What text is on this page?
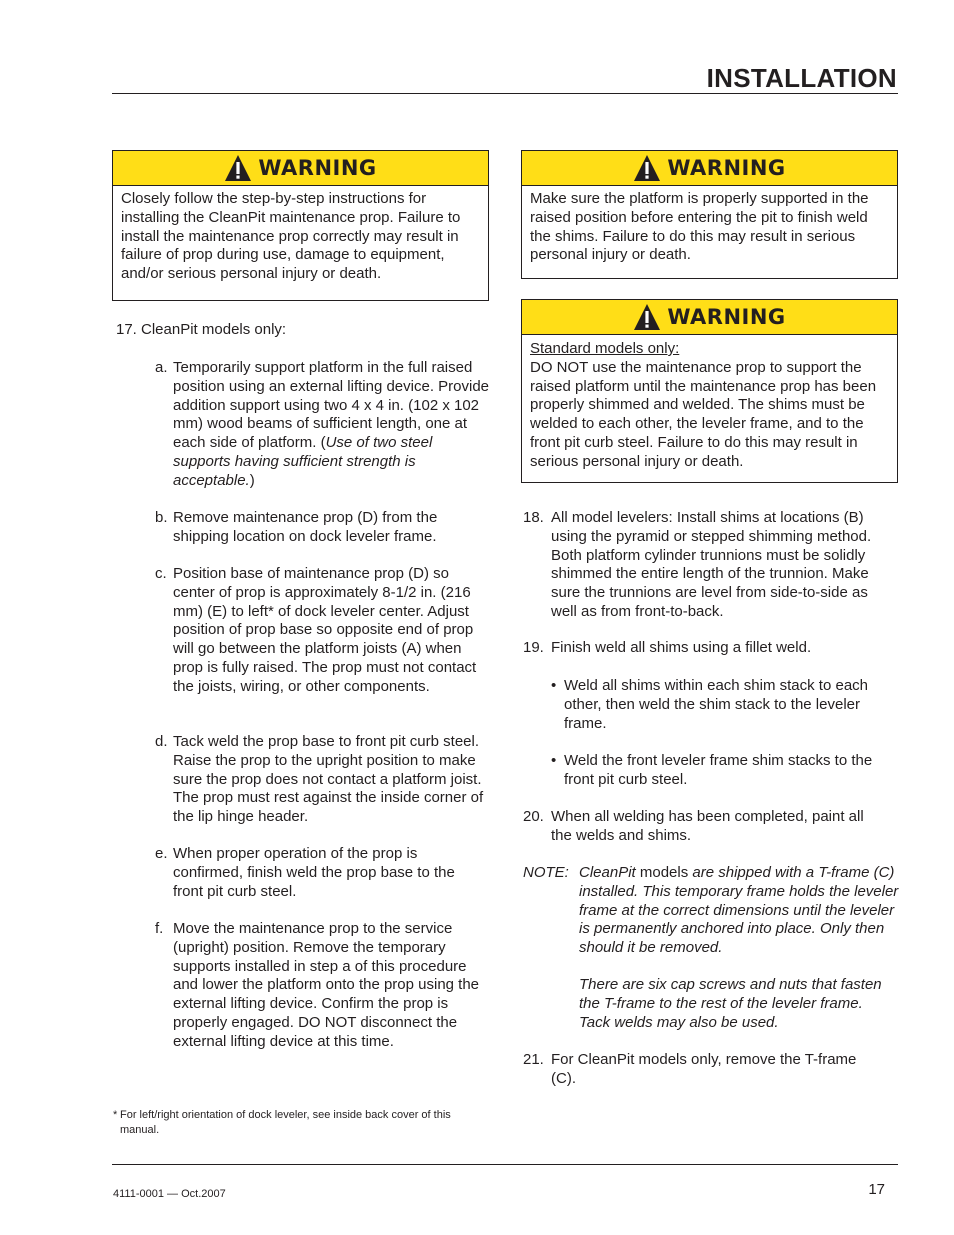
INSTALLATION
WARNING
Closely follow the step-by-step instructions for installing the CleanPit maintenance prop. Failure to install the maintenance prop correctly may result in failure of prop during use, damage to equipment, and/or serious personal injury or death.
WARNING
Make sure the platform is properly supported in the raised position before entering the pit to finish weld the shims. Failure to do this may result in serious personal injury or death.
WARNING
Standard models only:
DO NOT use the maintenance prop to support the raised platform until the maintenance prop has been properly shimmed and welded. The shims must be welded to each other, the leveler frame, and to the front pit curb steel. Failure to do this may result in serious personal injury or death.
17. CleanPit models only:
a. Temporarily support platform in the full raised position using an external lifting device. Provide addition support using two 4 x 4 in. (102 x 102 mm) wood beams of sufficient length, one at each side of platform. (Use of two steel supports having sufficient strength is acceptable.)
b. Remove maintenance prop (D) from the shipping location on dock leveler frame.
c. Position base of maintenance prop (D) so center of prop is approximately 8-1/2 in. (216 mm) (E) to left* of dock leveler center. Adjust position of prop base so opposite end of prop will go between the platform joists (A) when prop is fully raised. The prop must not contact the joists, wiring, or other components.
d. Tack weld the prop base to front pit curb steel. Raise the prop to the upright position to make sure the prop does not contact a platform joist. The prop must rest against the inside corner of the lip hinge header.
e. When proper operation of the prop is confirmed, finish weld the prop base to the front pit curb steel.
f. Move the maintenance prop to the service (upright) position. Remove the temporary supports installed in step a of this procedure and lower the platform onto the prop using the external lifting device. Confirm the prop is properly engaged. DO NOT disconnect the external lifting device at this time.
* For left/right orientation of dock leveler, see inside back cover of this manual.
18. All model levelers: Install shims at locations (B) using the pyramid or stepped shimming method. Both platform cylinder trunnions must be solidly shimmed the entire length of the trunnion. Make sure the trunnions are level from side-to-side as well as from front-to-back.
19. Finish weld all shims using a fillet weld.
• Weld all shims within each shim stack to each other, then weld the shim stack to the leveler frame.
• Weld the front leveler frame shim stacks to the front pit curb steel.
20. When all welding has been completed, paint all the welds and shims.
NOTE: CleanPit models are shipped with a T-frame (C) installed. This temporary frame holds the leveler frame at the correct dimensions until the leveler is permanently anchored into place. Only then should it be removed.
There are six cap screws and nuts that fasten the T-frame to the rest of the leveler frame. Tack welds may also be used.
21. For CleanPit models only, remove the T-frame (C).
4111-0001 — Oct.2007	17
